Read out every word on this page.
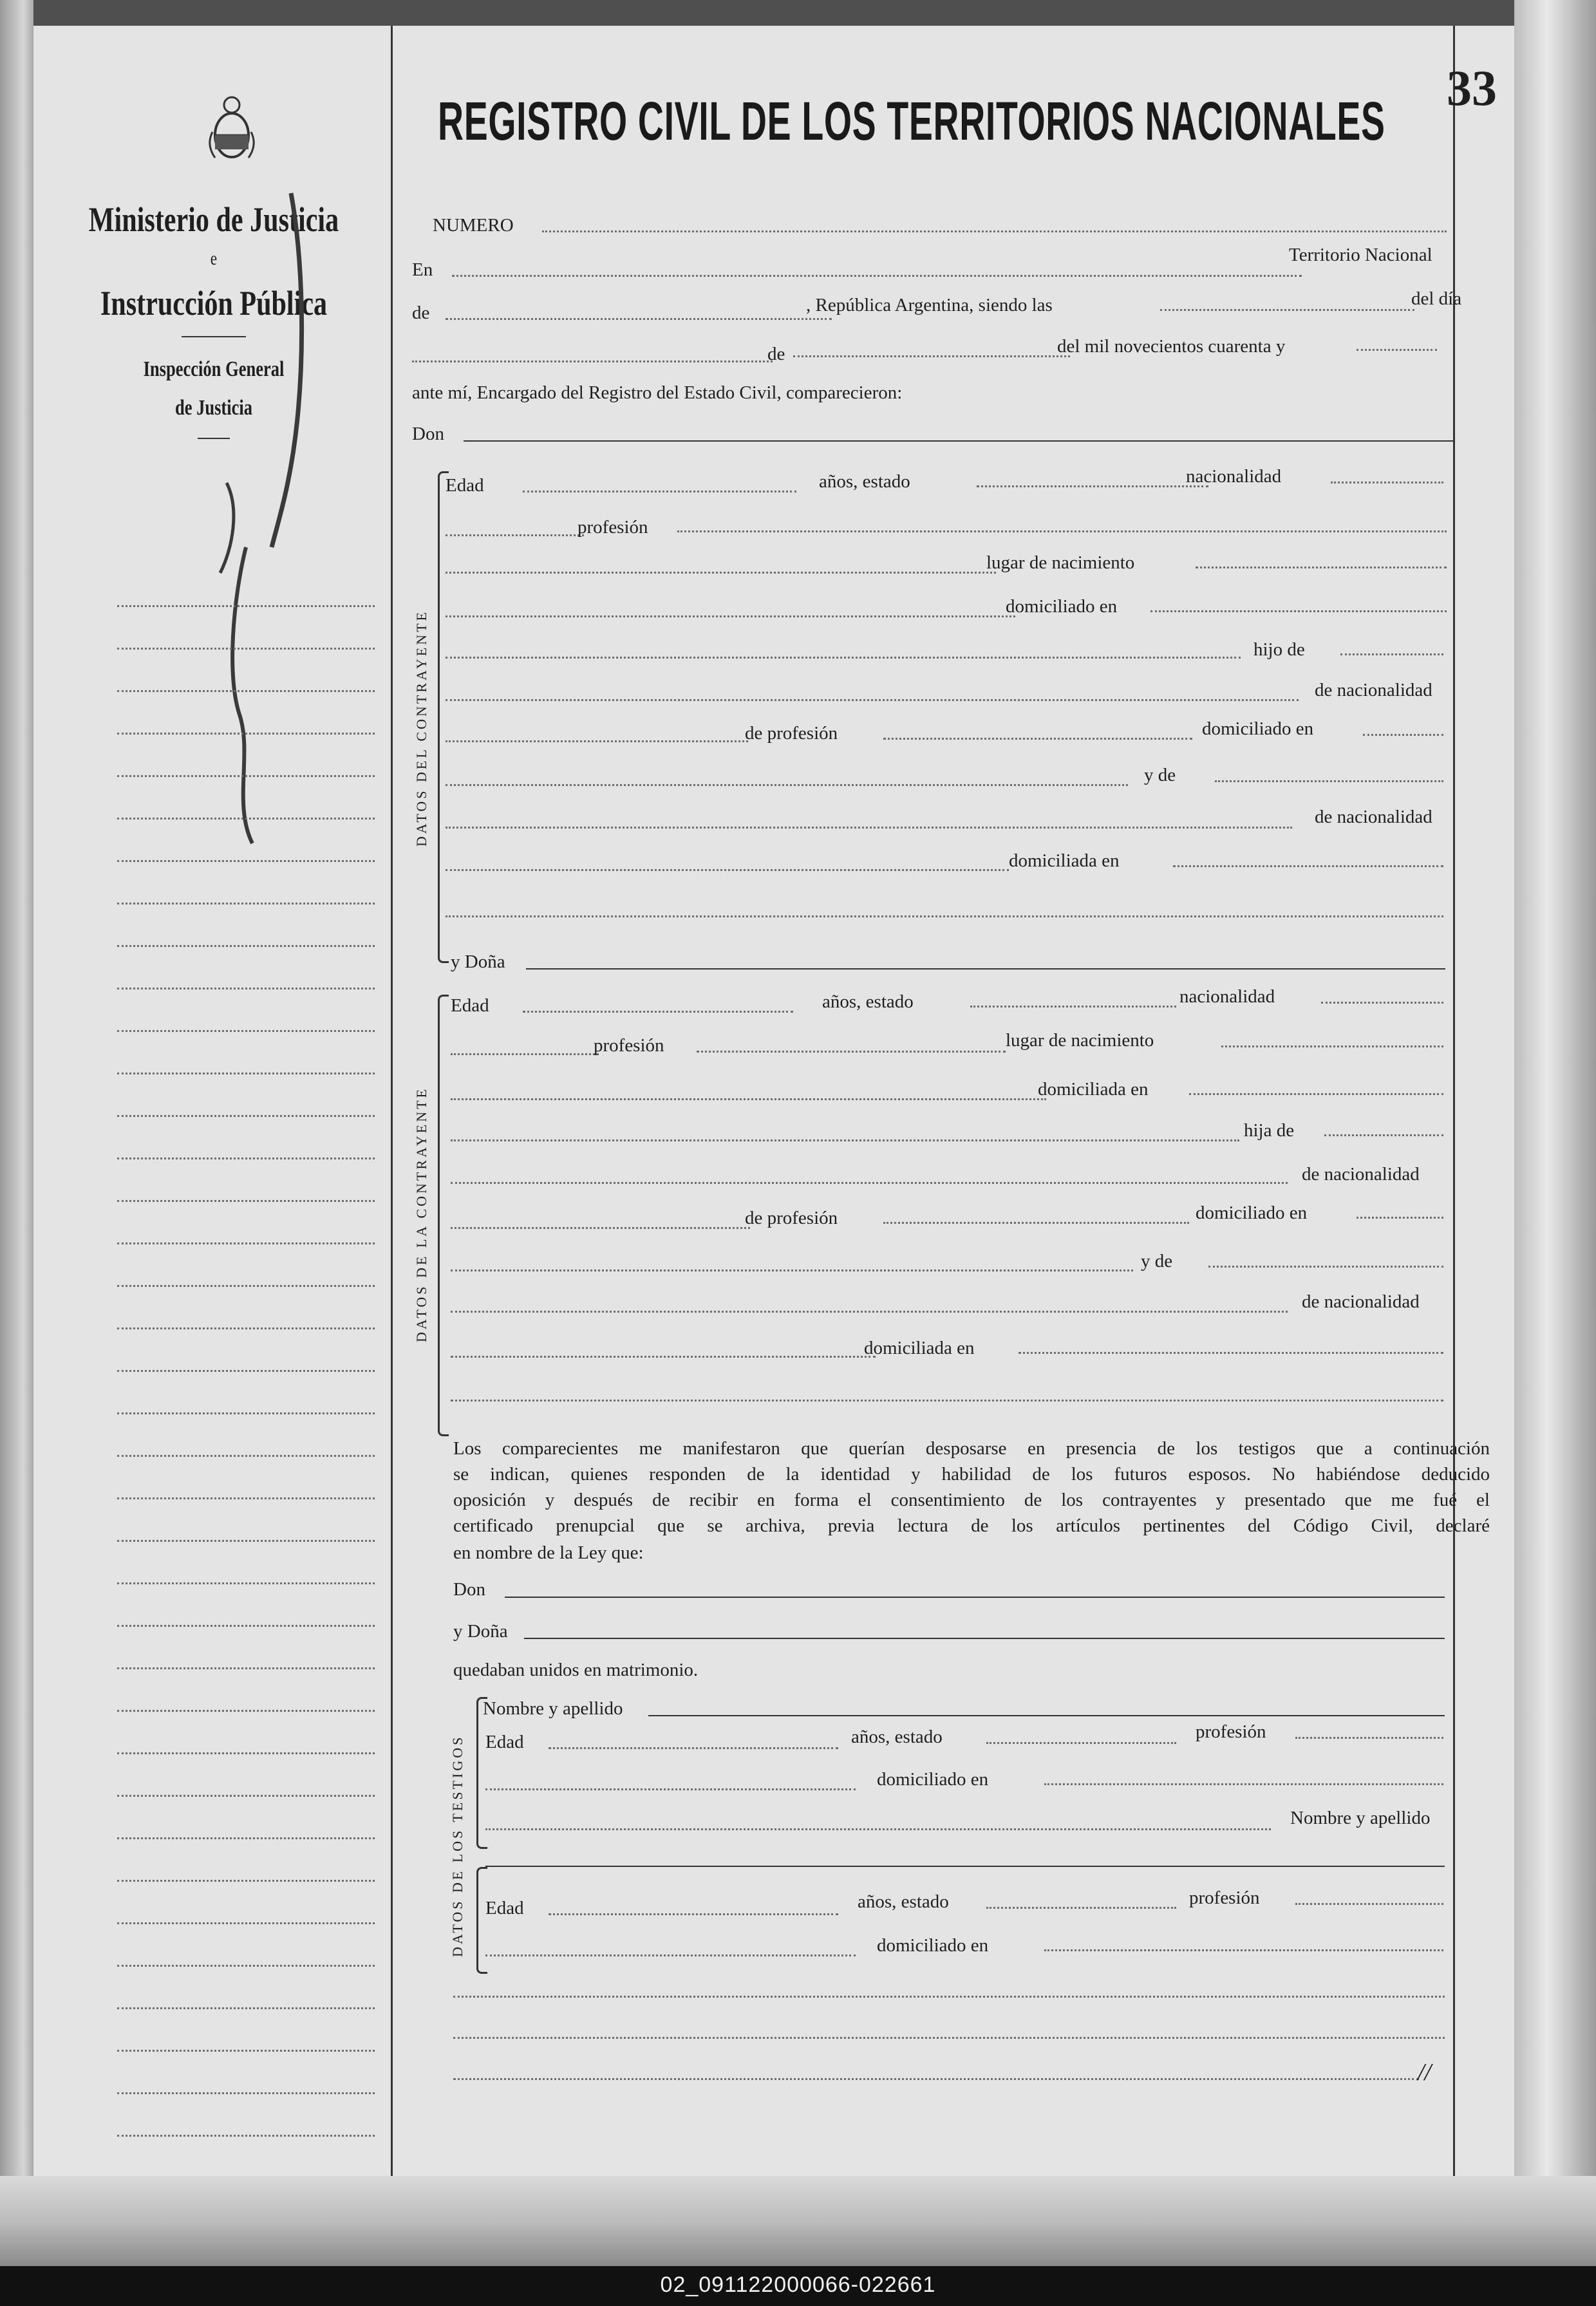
Ministerio de Justicia
e
Instrucción Pública
Inspección General
de Justicia
33
REGISTRO CIVIL DE LOS TERRITORIOS NACIONALES
NUMERO
En
Territorio Nacional
de	, República Argentina, siendo las	del día
de	del mil novecientos cuarenta y
ante mí, Encargado del Registro del Estado Civil, comparecieron:
Don
DATOS DEL CONTRAYENTE
Edad	años, estado	nacionalidad
profesión
lugar de nacimiento
domiciliado en
hijo de
de nacionalidad
de profesión	domiciliado en
y de
de nacionalidad
domiciliada en
y Doña
DATOS DE LA CONTRAYENTE
Edad	años, estado	nacionalidad
profesión	lugar de nacimiento
domiciliada en
hija de
de nacionalidad
de profesión	domiciliado en
y de
de nacionalidad
domiciliada en
Los comparecientes me manifestaron que querían desposarse en presencia de los testigos que a continuación
se indican, quienes responden de la identidad y habilidad de los futuros esposos. No habiéndose deducido
oposición y después de recibir en forma el consentimiento de los contrayentes y presentado que me fué el
certificado prenupcial que se archiva, previa lectura de los artículos pertinentes del Código Civil, declaré
en nombre de la Ley que:
Don
y Doña
quedaban unidos en matrimonio.
DATOS DE LOS TESTIGOS
Nombre y apellido
Edad	años, estado	profesión
domiciliado en
Nombre y apellido
Edad	años, estado	profesión
domiciliado en
//
02_091122000066-022661
